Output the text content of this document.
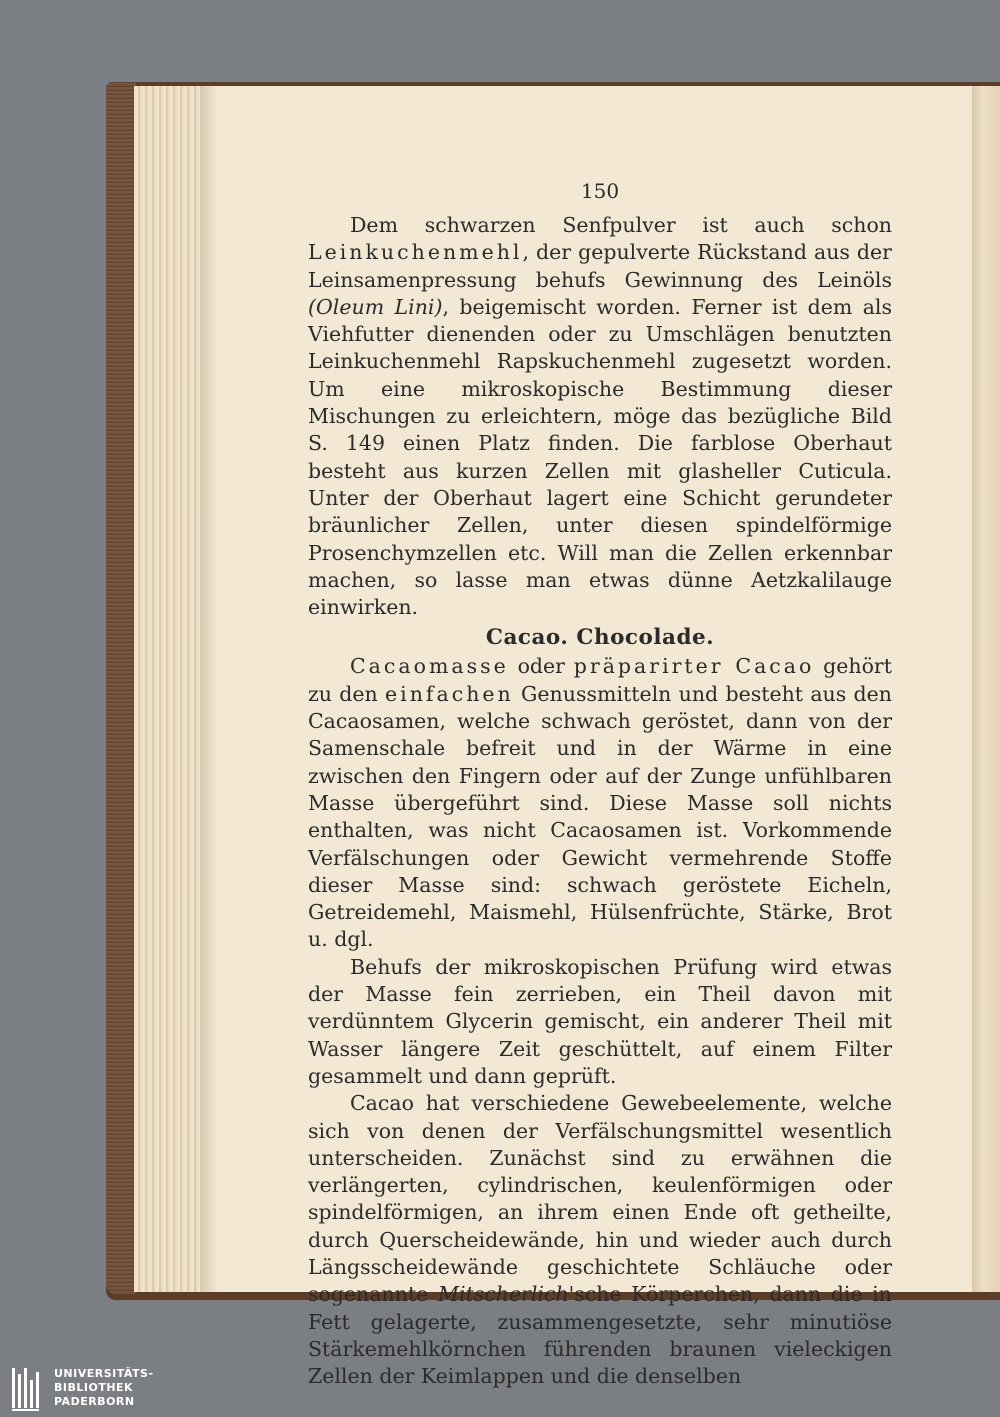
150

Dem schwarzen Senfpulver ist auch schon Leinkuchenmehl, der gepulverte Rückstand aus der Leinsamenpressung behufs Gewinnung des Leinöls (Oleum Lini), beigemischt worden. Ferner ist dem als Viehfutter dienenden oder zu Umschlägen benutzten Leinkuchenmehl Rapskuchenmehl zugesetzt worden. Um eine mikroskopische Bestimmung dieser Mischungen zu erleichtern, möge das bezügliche Bild S. 149 einen Platz finden. Die farblose Oberhaut besteht aus kurzen Zellen mit glasheller Cuticula. Unter der Oberhaut lagert eine Schicht gerundeter bräunlicher Zellen, unter diesen spindelförmige Prosenchymzellen etc. Will man die Zellen erkennbar machen, so lasse man etwas dünne Aetzkalilauge einwirken.

Cacao. Chocolade.

Cacaomasse oder präparirter Cacao gehört zu den einfachen Genussmitteln und besteht aus den Cacaosamen, welche schwach geröstet, dann von der Samenschale befreit und in der Wärme in eine zwischen den Fingern oder auf der Zunge unfühlbaren Masse übergeführt sind. Diese Masse soll nichts enthalten, was nicht Cacaosamen ist. Vorkommende Verfälschungen oder Gewicht vermehrende Stoffe dieser Masse sind: schwach geröstete Eicheln, Getreidemehl, Maismehl, Hülsenfrüchte, Stärke, Brot u. dgl.

Behufs der mikroskopischen Prüfung wird etwas der Masse fein zerrieben, ein Theil davon mit verdünntem Glycerin gemischt, ein anderer Theil mit Wasser längere Zeit geschüttelt, auf einem Filter gesammelt und dann geprüft.

Cacao hat verschiedene Gewebeelemente, welche sich von denen der Verfälschungsmittel wesentlich unterscheiden. Zunächst sind zu erwähnen die verlängerten, cylindrischen, keulenförmigen oder spindelförmigen, an ihrem einen Ende oft getheilte, durch Querscheidewände, hin und wieder auch durch Längsscheidewände geschichtete Schläuche oder sogenannte Mitscherlich'sche Körperchen, dann die in Fett gelagerte, zusammengesetzte, sehr minutiöse Stärkemehlkörnchen führenden braunen vieleckigen Zellen der Keimlappen und die denselben

UNIVERSITÄTS-
BIBLIOTHEK
PADERBORN
